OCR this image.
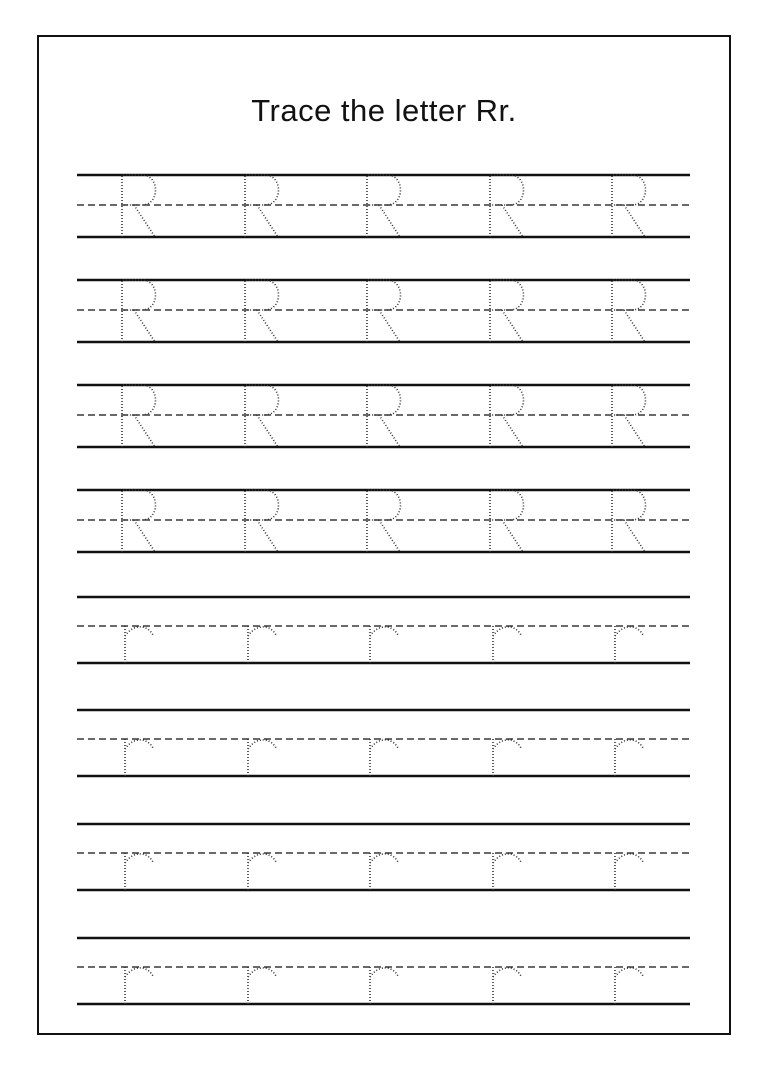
Trace the letter Rr.
